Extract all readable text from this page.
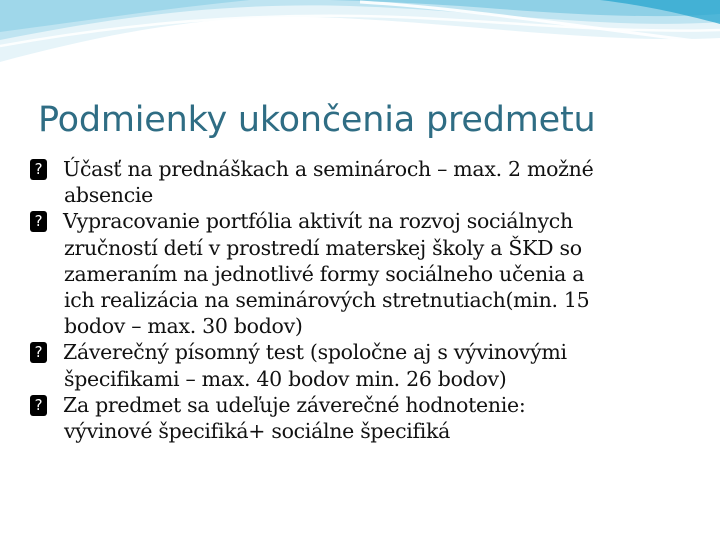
Podmienky ukončenia predmetu
? Účasť na prednáškach a seminároch – max. 2 možné
absencie
? Vypracovanie portfólia aktivít na rozvoj sociálnych
zručností detí v prostredí materskej školy a ŠKD so
zameraním na jednotlivé formy sociálneho učenia a
ich realizácia na seminárových stretnutiach(min. 15
bodov – max. 30 bodov)
? Záverečný písomný test (spoločne aj s vývinovými
špecifikami – max. 40 bodov min. 26 bodov)
? Za predmet sa udeľuje záverečné hodnotenie:
vývinové špecifiká+ sociálne špecifiká
